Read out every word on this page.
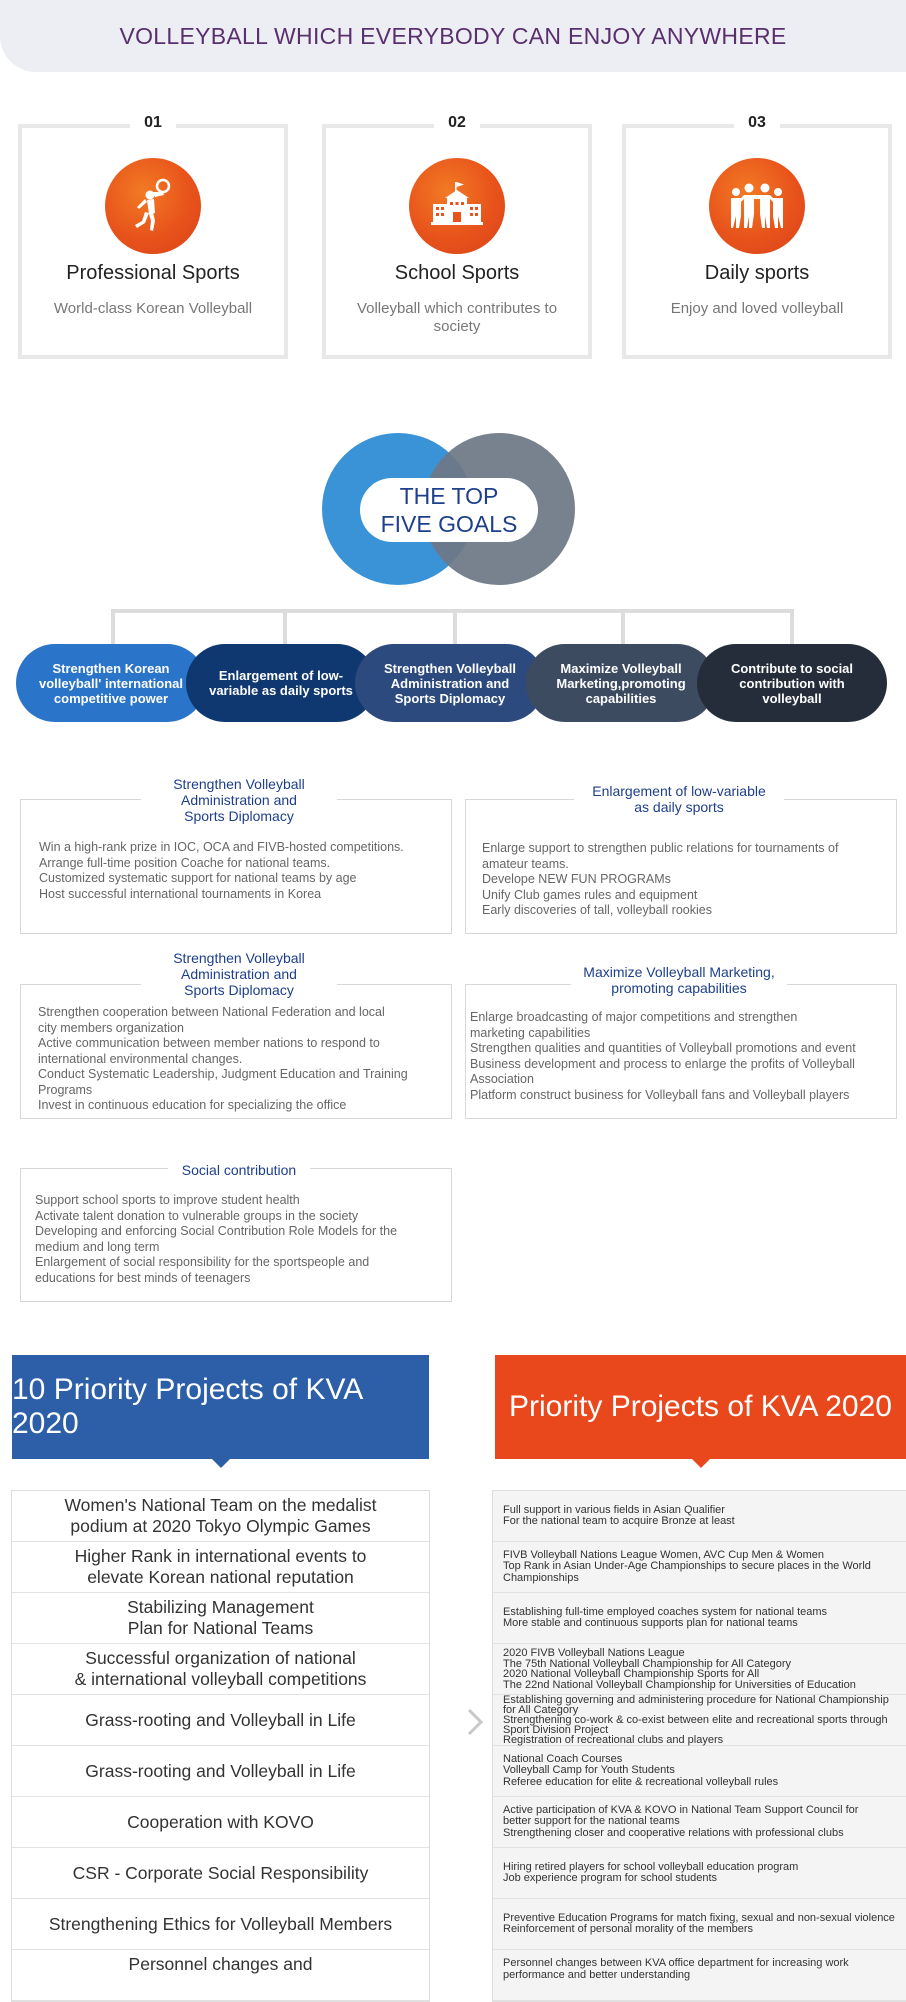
VOLLEYBALL WHICH EVERYBODY CAN ENJOY ANYWHERE
01
Professional Sports
World-class Korean Volleyball
02
School Sports
Volleyball which contributes to society
03
Daily sports
Enjoy and loved volleyball
THE TOP
FIVE GOALS
Strengthen Korean volleyball' international competitive power
Enlargement of low-variable as daily sports
Strengthen Volleyball Administration and Sports Diplomacy
Maximize Volleyball Marketing,promoting capabilities
Contribute to social contribution with volleyball
Strengthen Volleyball
Administration and
Sports Diplomacy
Win a high-rank prize in IOC, OCA and FIVB-hosted competitions.
Arrange full-time position Coache for national teams.
Customized systematic support for national teams by age
Host successful international tournaments in Korea
Enlargement of low-variable
as daily sports
Enlarge support to strengthen public relations for tournaments of
amateur teams.
Develope NEW FUN PROGRAMs
Unify Club games rules and equipment
Early discoveries of tall, volleyball rookies
Strengthen Volleyball
Administration and
Sports Diplomacy
Strengthen cooperation between National Federation and local
city members organization
Active communication between member nations to respond to
international environmental changes.
Conduct Systematic Leadership, Judgment Education and Training
Programs
Invest in continuous education for specializing the office
Maximize Volleyball Marketing,
promoting capabilities
Enlarge broadcasting of major competitions and strengthen
marketing capabilities
Strengthen qualities and quantities of Volleyball promotions and event
Business development and process to enlarge the profits of Volleyball
Association
Platform construct business for Volleyball fans and Volleyball players
Social contribution
Support school sports to improve student health
Activate talent donation to vulnerable groups in the society
Developing and enforcing Social Contribution Role Models for the
medium and long term
Enlargement of social responsibility for the sportspeople and
educations for best minds of teenagers
10 Priority Projects of KVA 2020
Priority Projects of KVA 2020
Women's National Team on the medalist
podium at 2020 Tokyo Olympic Games
Higher Rank in international events to
elevate Korean national reputation
Stabilizing Management
Plan for National Teams
Successful organization of national
& international volleyball competitions
Grass-rooting and Volleyball in Life
Grass-rooting and Volleyball in Life
Cooperation with KOVO
CSR - Corporate Social Responsibility
Strengthening Ethics for Volleyball Members
Personnel changes and
Full support in various fields in Asian Qualifier
For the national team to acquire Bronze at least
FIVB Volleyball Nations League Women, AVC Cup Men & Women
Top Rank in Asian Under-Age Championships to secure places in the World
Championships
Establishing full-time employed coaches system for national teams
More stable and continuous supports plan for national teams
2020 FIVB Volleyball Nations League
The 75th National Volleyball Championship for All Category
2020 National Volleyball Championship Sports for All
The 22nd National Volleyball Championship for Universities of Education
Establishing governing and administering procedure for National Championship
for All Category
Strengthening co-work & co-exist between elite and recreational sports through
Sport Division Project
Registration of recreational clubs and players
National Coach Courses
Volleyball Camp for Youth Students
Referee education for elite & recreational volleyball rules
Active participation of KVA & KOVO in National Team Support Council for
better support for the national teams
Strengthening closer and cooperative relations with professional clubs
Hiring retired players for school volleyball education program
Job experience program for school students
Preventive Education Programs for match fixing, sexual and non-sexual violence
Reinforcement of personal morality of the members
Personnel changes between KVA office department for increasing work
performance and better understanding
